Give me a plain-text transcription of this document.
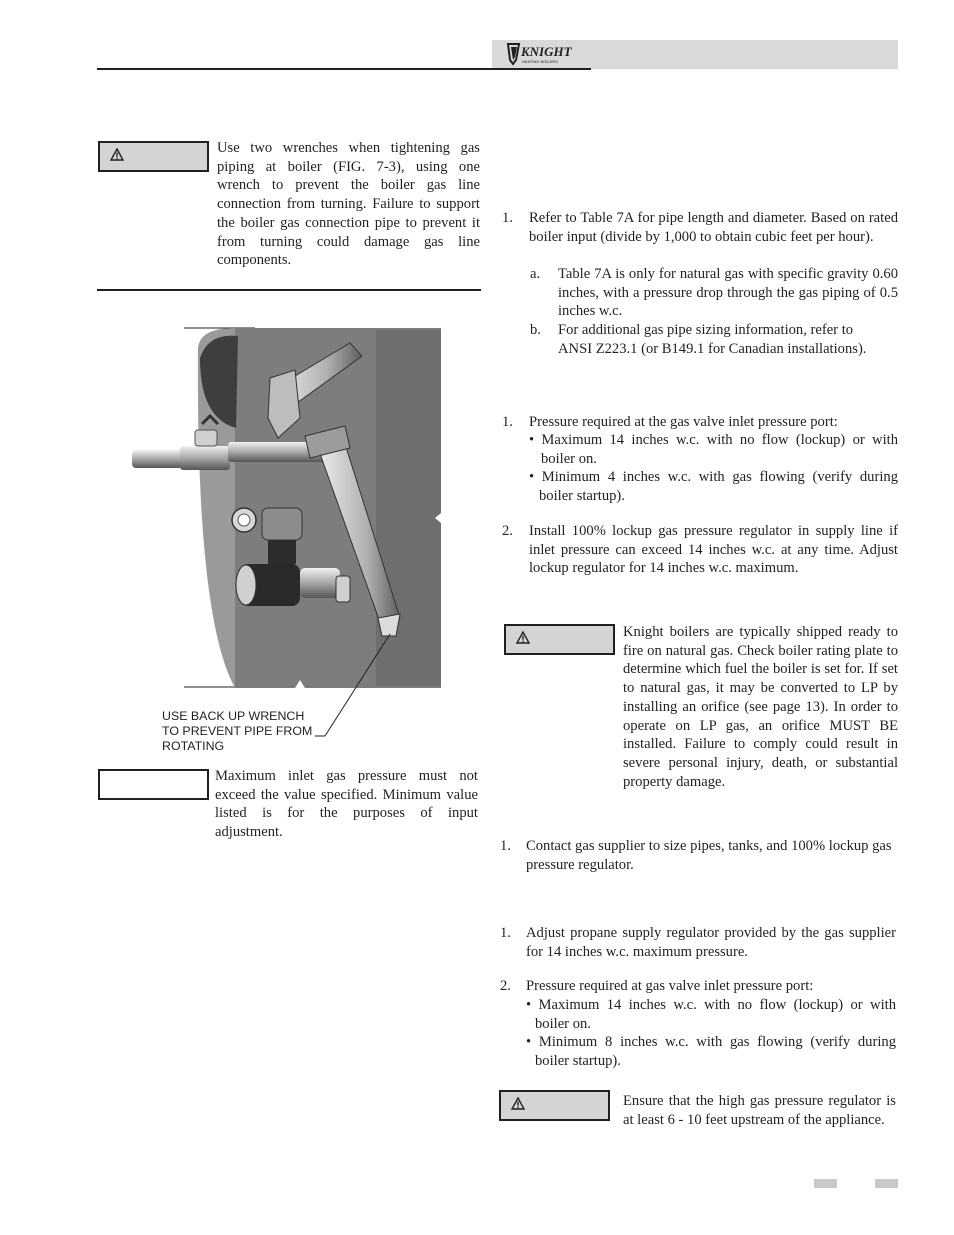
KNIGHT
HEATING BOILERS

Use two wrenches when tightening gas piping at boiler (FIG. 7-3), using one wrench to prevent the boiler gas line connection from turning. Failure to support the boiler gas connection pipe to prevent it from turning could damage gas line components.

USE BACK UP WRENCH
TO PREVENT PIPE FROM
ROTATING

Maximum inlet gas pressure must not exceed the value specified. Minimum value listed is for the purposes of input adjustment.

1. Refer to Table 7A for pipe length and diameter. Based on rated boiler input (divide by 1,000 to obtain cubic feet per hour).

a. Table 7A is only for natural gas with specific gravity 0.60 inches, with a pressure drop through the gas piping of 0.5 inches w.c.

b. For additional gas pipe sizing information, refer to
ANSI Z223.1 (or B149.1 for Canadian installations).
1. Pressure required at the gas valve inlet pressure port:

• Maximum 14 inches w.c. with no flow (lockup) or with boiler on.

• Minimum 4 inches w.c. with gas flowing (verify during boiler startup).

2. Install 100% lockup gas pressure regulator in supply line if inlet pressure can exceed 14 inches w.c. at any time. Adjust lockup regulator for 14 inches w.c. maximum.

Knight boilers are typically shipped ready to fire on natural gas. Check boiler rating plate to determine which fuel the boiler is set for. If set to natural gas, it may be converted to LP by installing an orifice (see page 13). In order to operate on LP gas, an orifice MUST BE installed. Failure to comply could result in severe personal injury, death, or substantial property damage.

1. Contact gas supplier to size pipes, tanks, and 100% lockup gas pressure regulator.

1. Adjust propane supply regulator provided by the gas supplier for 14 inches w.c. maximum pressure.

2. Pressure required at gas valve inlet pressure port:

• Maximum 14 inches w.c. with no flow (lockup) or with boiler on.

• Minimum 8 inches w.c. with gas flowing (verify during boiler startup).

Ensure that the high gas pressure regulator is at least 6 - 10 feet upstream of the appliance.
